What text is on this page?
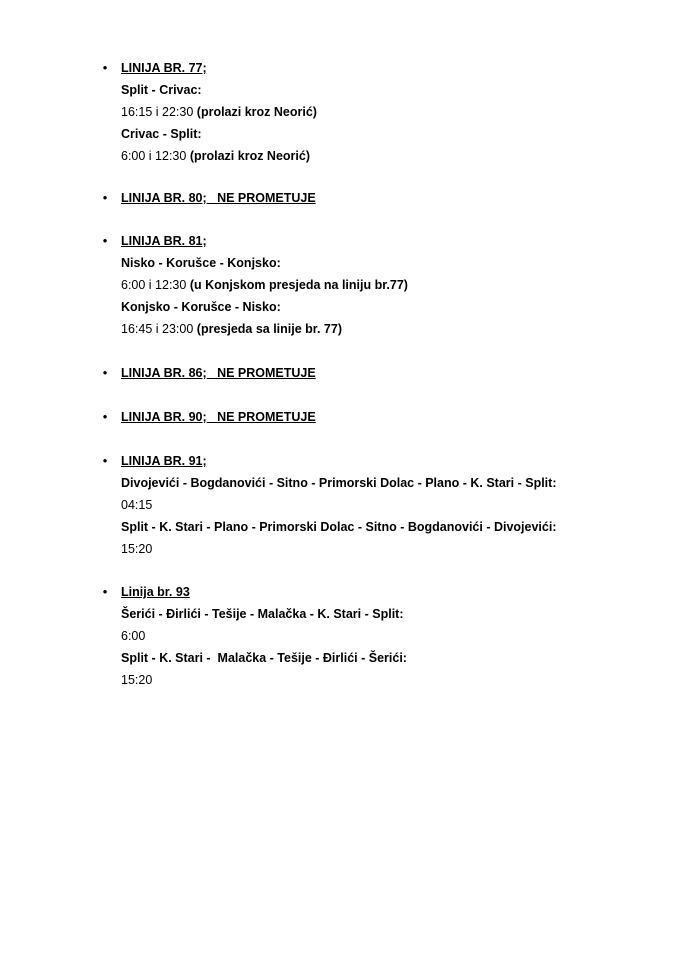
• LINIJA BR. 77;
Split - Crivac:
16:15 i 22:30 (prolazi kroz Neorić)
Crivac - Split:
6:00 i 12:30 (prolazi kroz Neorić)
• LINIJA BR. 80; NE PROMETUJE
• LINIJA BR. 81;
Nisko - Korušce - Konjsko:
6:00 i 12:30 (u Konjskom presjeda na liniju br.77)
Konjsko - Korušce - Nisko:
16:45 i 23:00 (presjeda sa linije br. 77)
• LINIJA BR. 86; NE PROMETUJE
• LINIJA BR. 90; NE PROMETUJE
• LINIJA BR. 91;
Divojevići - Bogdanovići - Sitno - Primorski Dolac - Plano - K. Stari - Split:
04:15
Split - K. Stari - Plano - Primorski Dolac - Sitno - Bogdanovići - Divojevići:
15:20
• Linija br. 93
Šerići - Đirlići - Tešije - Malačka - K. Stari - Split:
6:00
Split - K. Stari -  Malačka - Tešije - Đirlići - Šerići:
15:20
